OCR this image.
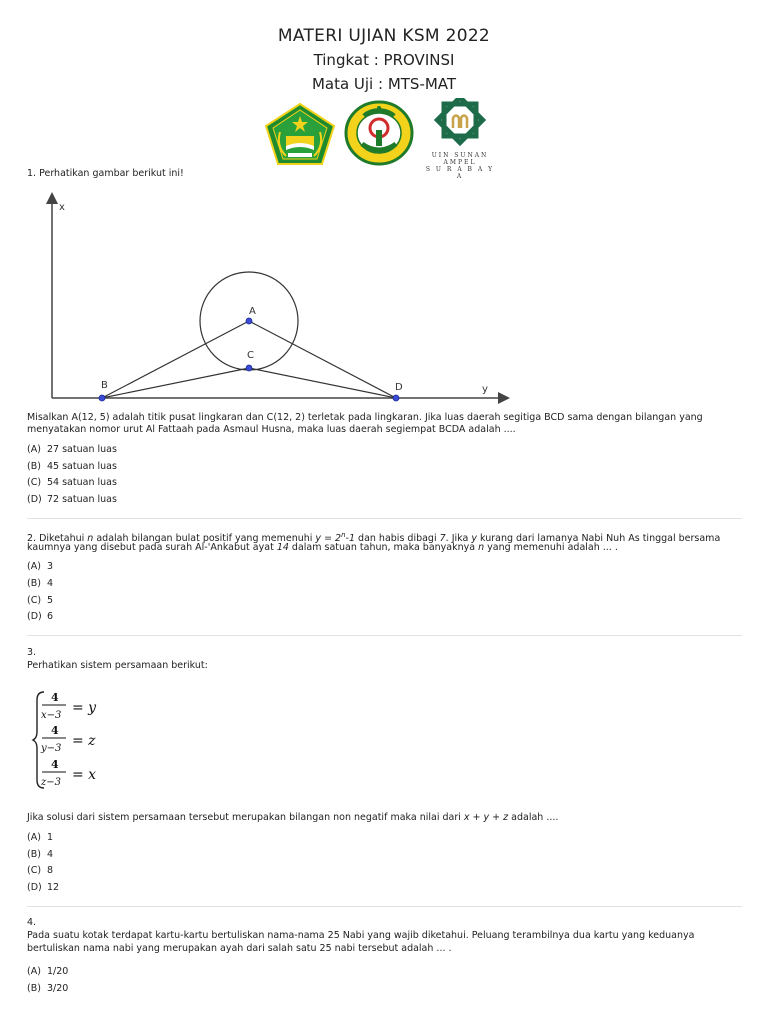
MATERI UJIAN KSM 2022
Tingkat : PROVINSI
Mata Uji : MTS-MAT
UIN SUNAN AMPEL
S U R A B A Y A
1. Perhatikan gambar berikut ini!
x
y
A
C
B	D
Misalkan A(12, 5) adalah titik pusat lingkaran dan C(12, 2) terletak pada lingkaran. Jika luas daerah segitiga BCD sama dengan bilangan yang
menyatakan nomor urut Al Fattaah pada Asmaul Husna, maka luas daerah segiempat BCDA adalah ....
(A) 27 satuan luas
(B) 45 satuan luas
(C) 54 satuan luas
(D) 72 satuan luas
2. Diketahui n adalah bilangan bulat positif yang memenuhi $y = 2^n-1$ dan habis dibagi 7. Jika y kurang dari lamanya Nabi Nuh As tinggal bersama
kaumnya yang disebut pada surah Al-'Ankabut ayat 14 dalam satuan tahun, maka banyaknya n yang memenuhi adalah ... .
(A) 3
(B) 4
(C) 5
(D) 6
3.
Perhatikan sistem persamaan berikut:
4
x−3 = y
4
y−3 = z
4
z−3 = x
Jika solusi dari sistem persamaan tersebut merupakan bilangan non negatif maka nilai dari x + y + z adalah ....
(A) 1
(B) 4
(C) 8
(D) 12
4.
Pada suatu kotak terdapat kartu-kartu bertuliskan nama-nama 25 Nabi yang wajib diketahui. Peluang terambilnya dua kartu yang keduanya
bertuliskan nama nabi yang merupakan ayah dari salah satu 25 nabi tersebut adalah ... .
(A) 1/20
(B) 3/20
